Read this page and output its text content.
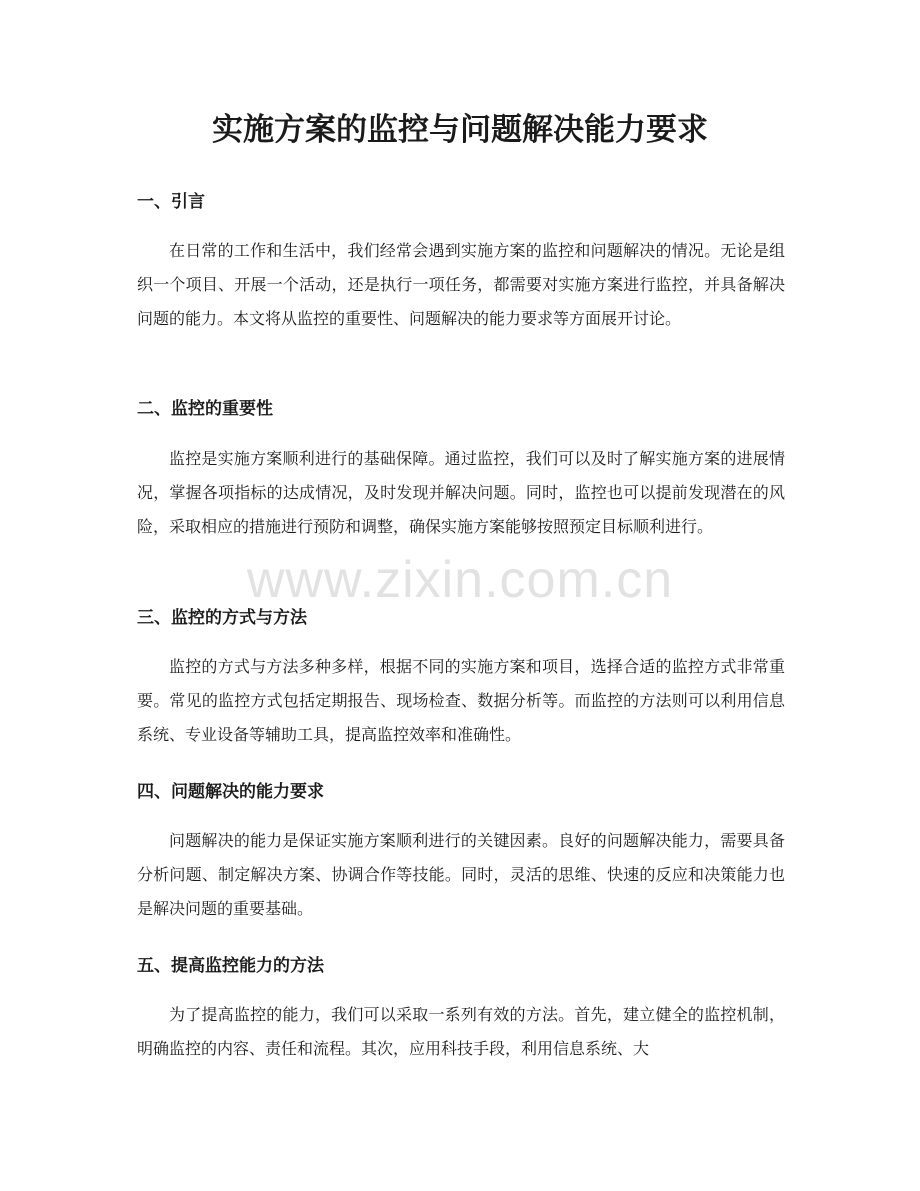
实施方案的监控与问题解决能力要求
一、引言

在日常的工作和生活中，我们经常会遇到实施方案的监控和问题解决的情况。无论是组织一个项目、开展一个活动，还是执行一项任务，都需要对实施方案进行监控，并具备解决问题的能力。本文将从监控的重要性、问题解决的能力要求等方面展开讨论。

二、监控的重要性

监控是实施方案顺利进行的基础保障。通过监控，我们可以及时了解实施方案的进展情况，掌握各项指标的达成情况，及时发现并解决问题。同时，监控也可以提前发现潜在的风险，采取相应的措施进行预防和调整，确保实施方案能够按照预定目标顺利进行。

三、监控的方式与方法

监控的方式与方法多种多样，根据不同的实施方案和项目，选择合适的监控方式非常重要。常见的监控方式包括定期报告、现场检查、数据分析等。而监控的方法则可以利用信息系统、专业设备等辅助工具，提高监控效率和准确性。

四、问题解决的能力要求

问题解决的能力是保证实施方案顺利进行的关键因素。良好的问题解决能力，需要具备分析问题、制定解决方案、协调合作等技能。同时，灵活的思维、快速的反应和决策能力也是解决问题的重要基础。

五、提高监控能力的方法

为了提高监控的能力，我们可以采取一系列有效的方法。首先，建立健全的监控机制，明确监控的内容、责任和流程。其次，应用科技手段，利用信息系统、大

www.zixin.com.cn
